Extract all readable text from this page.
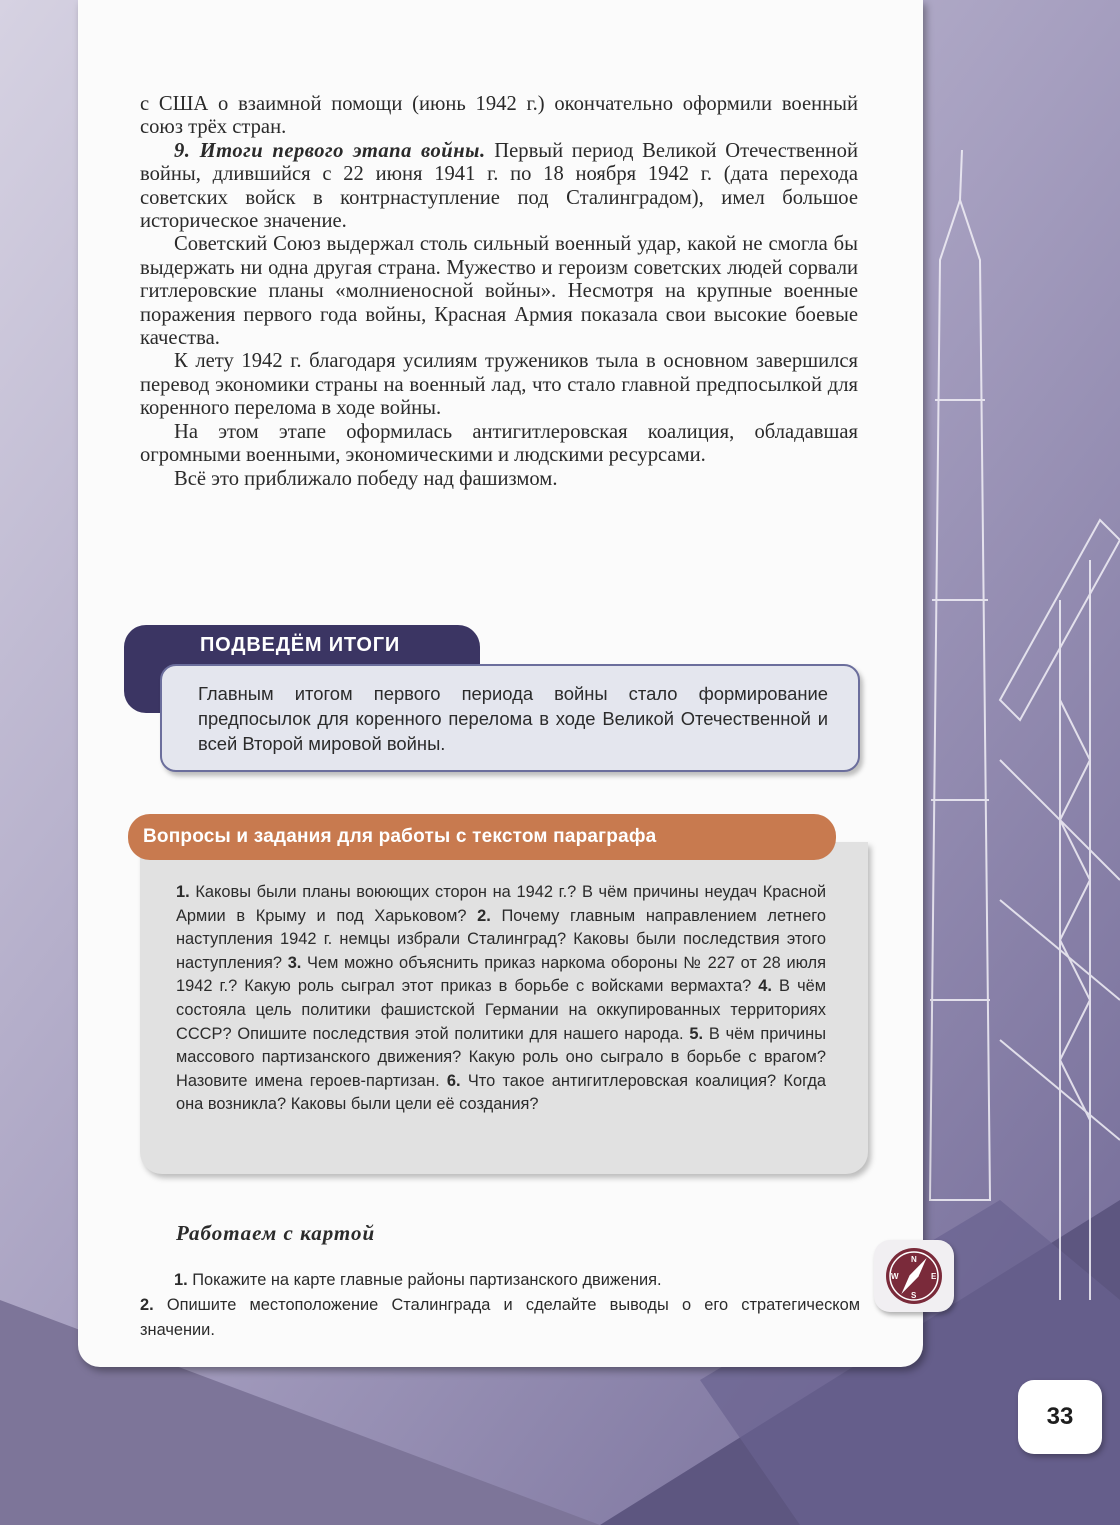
с США о взаимной помощи (июнь 1942 г.) окончательно оформили военный союз трёх стран.

9. Итоги первого этапа войны. Первый период Великой Отечественной войны, длившийся с 22 июня 1941 г. по 18 ноября 1942 г. (дата перехода советских войск в контрнаступление под Сталинградом), имел большое историческое значение.

Советский Союз выдержал столь сильный военный удар, какой не смогла бы выдержать ни одна другая страна. Мужество и героизм советских людей сорвали гитлеровские планы «молниеносной войны». Несмотря на крупные военные поражения первого года войны, Красная Армия показала свои высокие боевые качества.

К лету 1942 г. благодаря усилиям тружеников тыла в основном завершился перевод экономики страны на военный лад, что стало главной предпосылкой для коренного перелома в ходе войны.

На этом этапе оформилась антигитлеровская коалиция, обладавшая огромными военными, экономическими и людскими ресурсами.

Всё это приближало победу над фашизмом.

ПОДВЕДЁМ ИТОГИ
Главным итогом первого периода войны стало формирование предпосылок для коренного перелома в ходе Великой Отечественной и всей Второй мировой войны.
Вопросы и задания для работы с текстом параграфа
1. Каковы были планы воюющих сторон на 1942 г.? В чём причины неудач Красной Армии в Крыму и под Харьковом? 2. Почему главным направлением летнего наступления 1942 г. немцы избрали Сталинград? Каковы были последствия этого наступления? 3. Чем можно объяснить приказ наркома обороны № 227 от 28 июля 1942 г.? Какую роль сыграл этот приказ в борьбе с войсками вермахта? 4. В чём состояла цель политики фашистской Германии на оккупированных территориях СССР? Опишите последствия этой политики для нашего народа. 5. В чём причины массового партизанского движения? Какую роль оно сыграло в борьбе с врагом? Назовите имена героев-партизан. 6. Что такое антигитлеровская коалиция? Когда она возникла? Каковы были цели её создания?
Работаем с картой

1. Покажите на карте главные районы партизанского движения.

2. Опишите местоположение Сталинграда и сделайте выводы о его стратегическом значении.

N
S
W	E
33
